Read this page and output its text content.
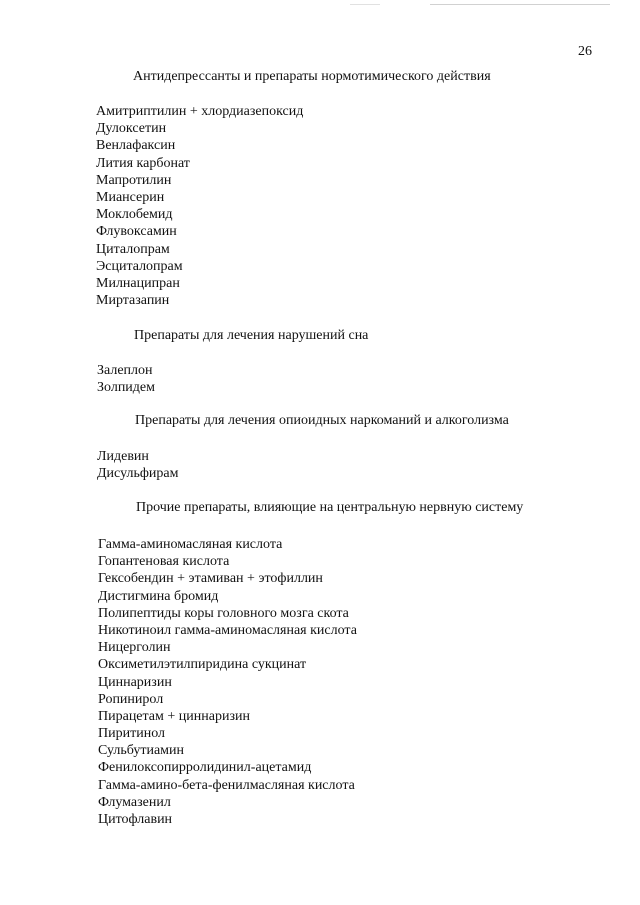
26
Антидепрессанты и препараты нормотимического действия
Амитриптилин + хлордиазепоксид
Дулоксетин
Венлафаксин
Лития карбонат
Мапротилин
Миансерин
Моклобемид
Флувоксамин
Циталопрам
Эсциталопрам
Милнаципран
Миртазапин
Препараты для лечения нарушений сна
Залеплон
Золпидем
Препараты для лечения опиоидных наркоманий и алкоголизма
Лидевин
Дисульфирам
Прочие препараты, влияющие на центральную нервную систему
Гамма-аминомасляная кислота
Гопантеновая кислота
Гексобендин + этамиван + этофиллин
Дистигмина бромид
Полипептиды коры головного мозга скота
Никотиноил гамма-аминомасляная кислота
Ницерголин
Оксиметилэтилпиридина сукцинат
Циннаризин
Ропинирол
Пирацетам + циннаризин
Пиритинол
Сульбутиамин
Фенилоксопирролидинил-ацетамид
Гамма-амино-бета-фенилмасляная кислота
Флумазенил
Цитофлавин
